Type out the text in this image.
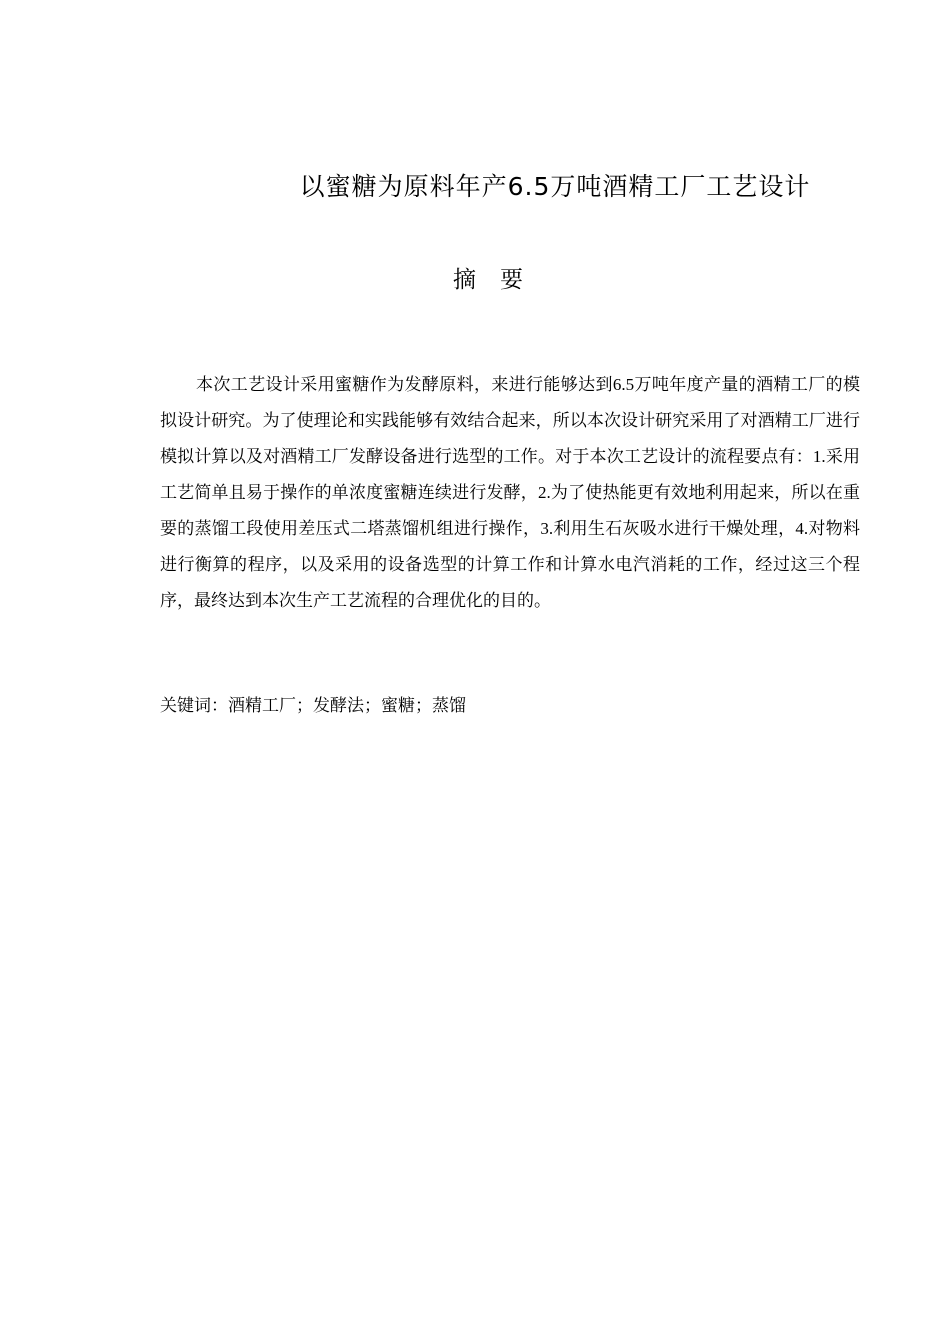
以蜜糖为原料年产6.5万吨酒精工厂工艺设计
摘要

本次工艺设计采用蜜糖作为发酵原料，来进行能够达到6.5万吨年度产量的酒精工厂的模拟设计研究。为了使理论和实践能够有效结合起来，所以本次设计研究采用了对酒精工厂进行模拟计算以及对酒精工厂发酵设备进行选型的工作。对于本次工艺设计的流程要点有：1.采用工艺简单且易于操作的单浓度蜜糖连续进行发酵，2.为了使热能更有效地利用起来，所以在重要的蒸馏工段使用差压式二塔蒸馏机组进行操作，3.利用生石灰吸水进行干燥处理，4.对物料进行衡算的程序，以及采用的设备选型的计算工作和计算水电汽消耗的工作，经过这三个程序，最终达到本次生产工艺流程的合理优化的目的。

关键词：酒精工厂；发酵法；蜜糖；蒸馏
